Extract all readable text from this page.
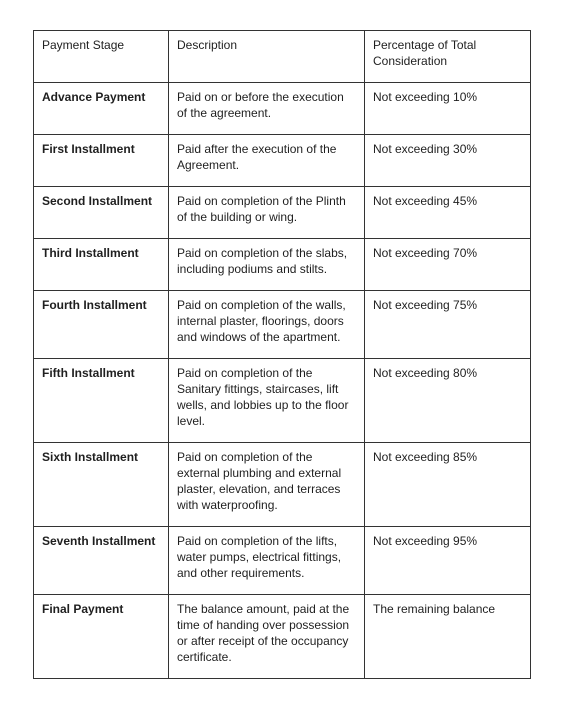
Payment Stage	Description	Percentage of Total Consideration
Advance Payment	Paid on or before the execution of the agreement.	Not exceeding 10%
First Installment	Paid after the execution of the Agreement.	Not exceeding 30%
Second Installment	Paid on completion of the Plinth of the building or wing.	Not exceeding 45%
Third Installment	Paid on completion of the slabs, including podiums and stilts.	Not exceeding 70%
Fourth Installment	Paid on completion of the walls, internal plaster, floorings, doors and windows of the apartment.	Not exceeding 75%
Fifth Installment	Paid on completion of the Sanitary fittings, staircases, lift wells, and lobbies up to the floor level.	Not exceeding 80%
Sixth Installment	Paid on completion of the external plumbing and external plaster, elevation, and terraces with waterproofing.	Not exceeding 85%
Seventh Installment	Paid on completion of the lifts, water pumps, electrical fittings, and other requirements.	Not exceeding 95%
Final Payment	The balance amount, paid at the time of handing over possession or after receipt of the occupancy certificate.	The remaining balance
